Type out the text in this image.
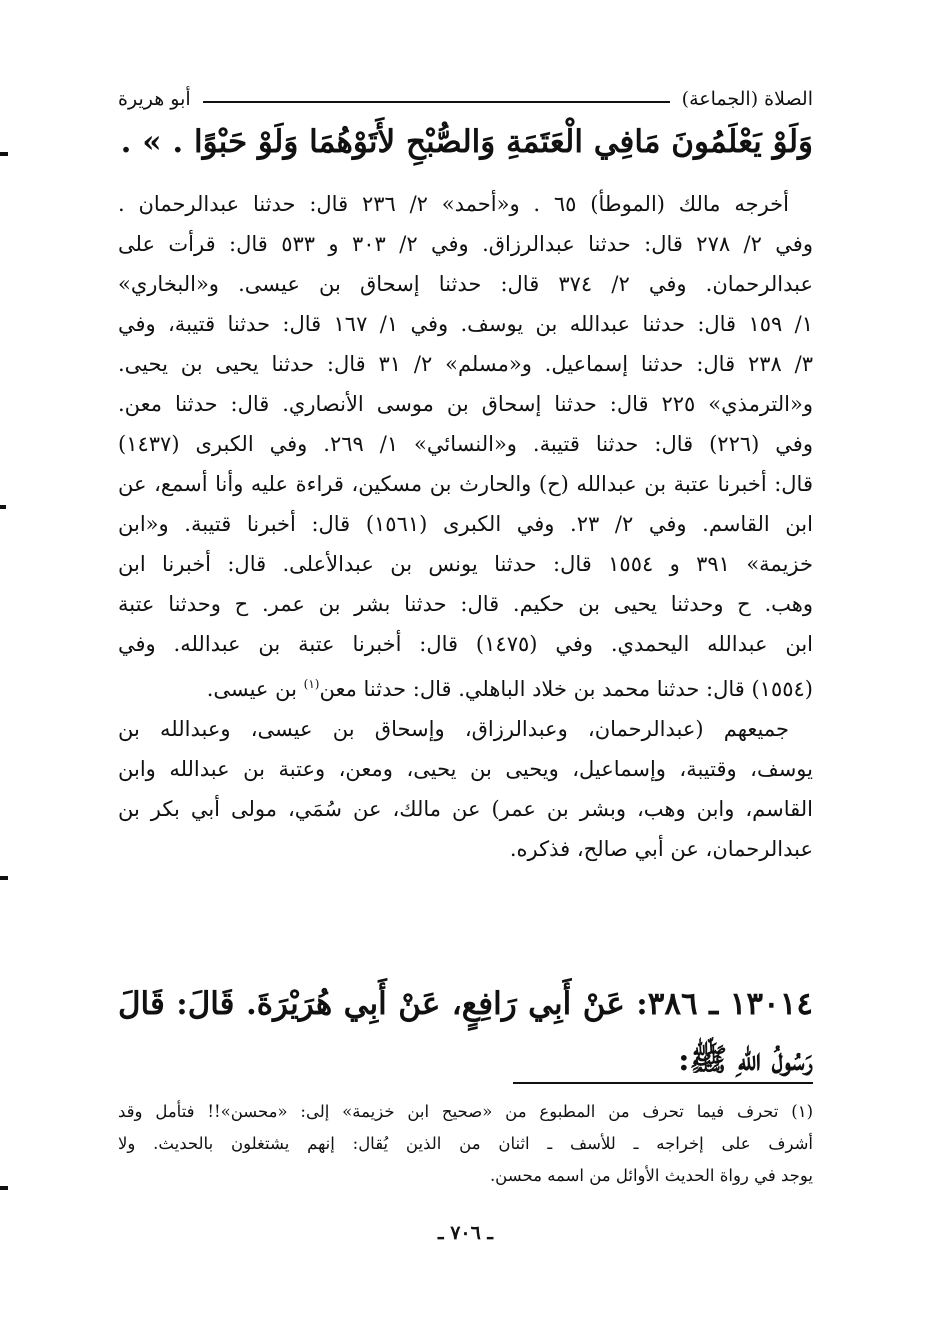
الصلاة (الجماعة)
أبو هريرة
وَلَوْ يَعْلَمُونَ مَافِي الْعَتَمَةِ وَالصُّبْحِ لأَتَوْهُمَا وَلَوْ حَبْوًا . » .

أخرجه مالك (الموطأ) ٦٥ . و«أحمد» ٢/ ٢٣٦ قال: حدثنا عبدالرحمان .
وفي ٢/ ٢٧٨ قال: حدثنا عبدالرزاق. وفي ٢/ ٣٠٣ و ٥٣٣ قال: قرأت على
عبدالرحمان. وفي ٢/ ٣٧٤ قال: حدثنا إسحاق بن عيسى. و«البخاري»
١/ ١٥٩ قال: حدثنا عبدالله بن يوسف. وفي ١/ ١٦٧ قال: حدثنا قتيبة، وفي
٣/ ٢٣٨ قال: حدثنا إسماعيل. و«مسلم» ٢/ ٣١ قال: حدثنا يحيى بن يحيى.
و«الترمذي» ٢٢٥ قال: حدثنا إسحاق بن موسى الأنصاري. قال: حدثنا معن.
وفي (٢٢٦) قال: حدثنا قتيبة. و«النسائي» ١/ ٢٦٩. وفي الكبرى (١٤٣٧)
قال: أخبرنا عتبة بن عبدالله (ح) والحارث بن مسكين، قراءة عليه وأنا أسمع، عن
ابن القاسم. وفي ٢/ ٢٣. وفي الكبرى (١٥٦١) قال: أخبرنا قتيبة. و«ابن
خزيمة» ٣٩١ و ١٥٥٤ قال: حدثنا يونس بن عبدالأعلى. قال: أخبرنا ابن
وهب. ح وحدثنا يحيى بن حكيم. قال: حدثنا بشر بن عمر. ح وحدثنا عتبة
ابن عبدالله اليحمدي. وفي (١٤٧٥) قال: أخبرنا عتبة بن عبدالله. وفي
(١٥٥٤) قال: حدثنا محمد بن خلاد الباهلي. قال: حدثنا معن$^{(١)}$ بن عيسى.

جميعهم (عبدالرحمان، وعبدالرزاق، وإسحاق بن عيسى، وعبدالله بن
يوسف، وقتيبة، وإسماعيل، ويحيى بن يحيى، ومعن، وعتبة بن عبدالله وابن
القاسم، وابن وهب، وبشر بن عمر) عن مالك، عن سُمَي، مولى أبي بكر بن
عبدالرحمان، عن أبي صالح، فذكره.

١٣٠١٤ ـ ٣٨٦: عَنْ أَبِي رَافِعٍ، عَنْ أَبِي هُرَيْرَةَ. قَالَ: قَالَ
رَسُولُ اللهِ ﷺ:
(١) تحرف فيما تحرف من المطبوع من «صحيح ابن خزيمة» إلى: «محسن»!! فتأمل وقد
أشرف على إخراجه ـ للأسف ـ اثنان من الذين يُقال: إنهم يشتغلون بالحديث. ولا
يوجد في رواة الحديث الأوائل من اسمه محسن.
ـ ٧٠٦ ـ
